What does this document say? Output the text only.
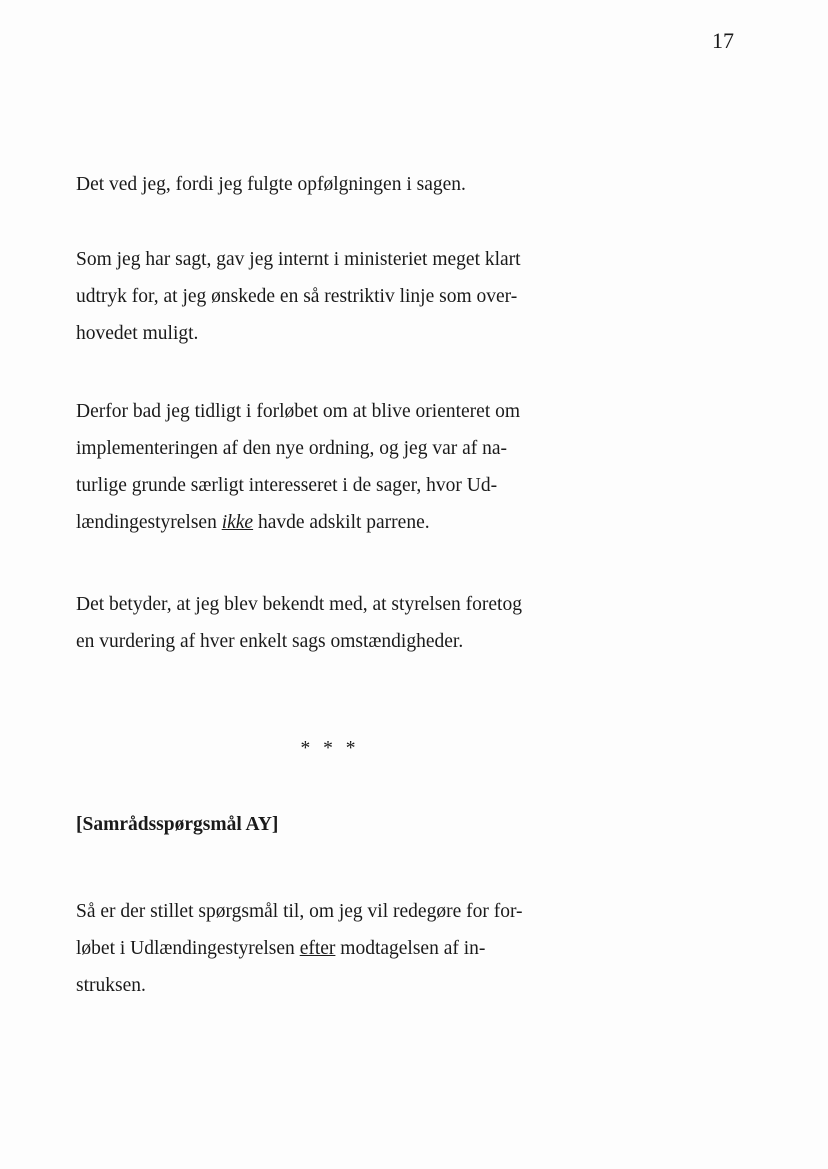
17

Det ved jeg, fordi jeg fulgte opfølgningen i sagen.

Som jeg har sagt, gav jeg internt i ministeriet meget klart
udtryk for, at jeg ønskede en så restriktiv linje som over-
hovedet muligt.

Derfor bad jeg tidligt i forløbet om at blive orienteret om
implementeringen af den nye ordning, og jeg var af na-
turlige grunde særligt interesseret i de sager, hvor Ud-
lændingestyrelsen ikke havde adskilt parrene.

Det betyder, at jeg blev bekendt med, at styrelsen foretog
en vurdering af hver enkelt sags omstændigheder.

* * *
[Samrådsspørgsmål AY]

Så er der stillet spørgsmål til, om jeg vil redegøre for for-
løbet i Udlændingestyrelsen efter modtagelsen af in-
struksen.
